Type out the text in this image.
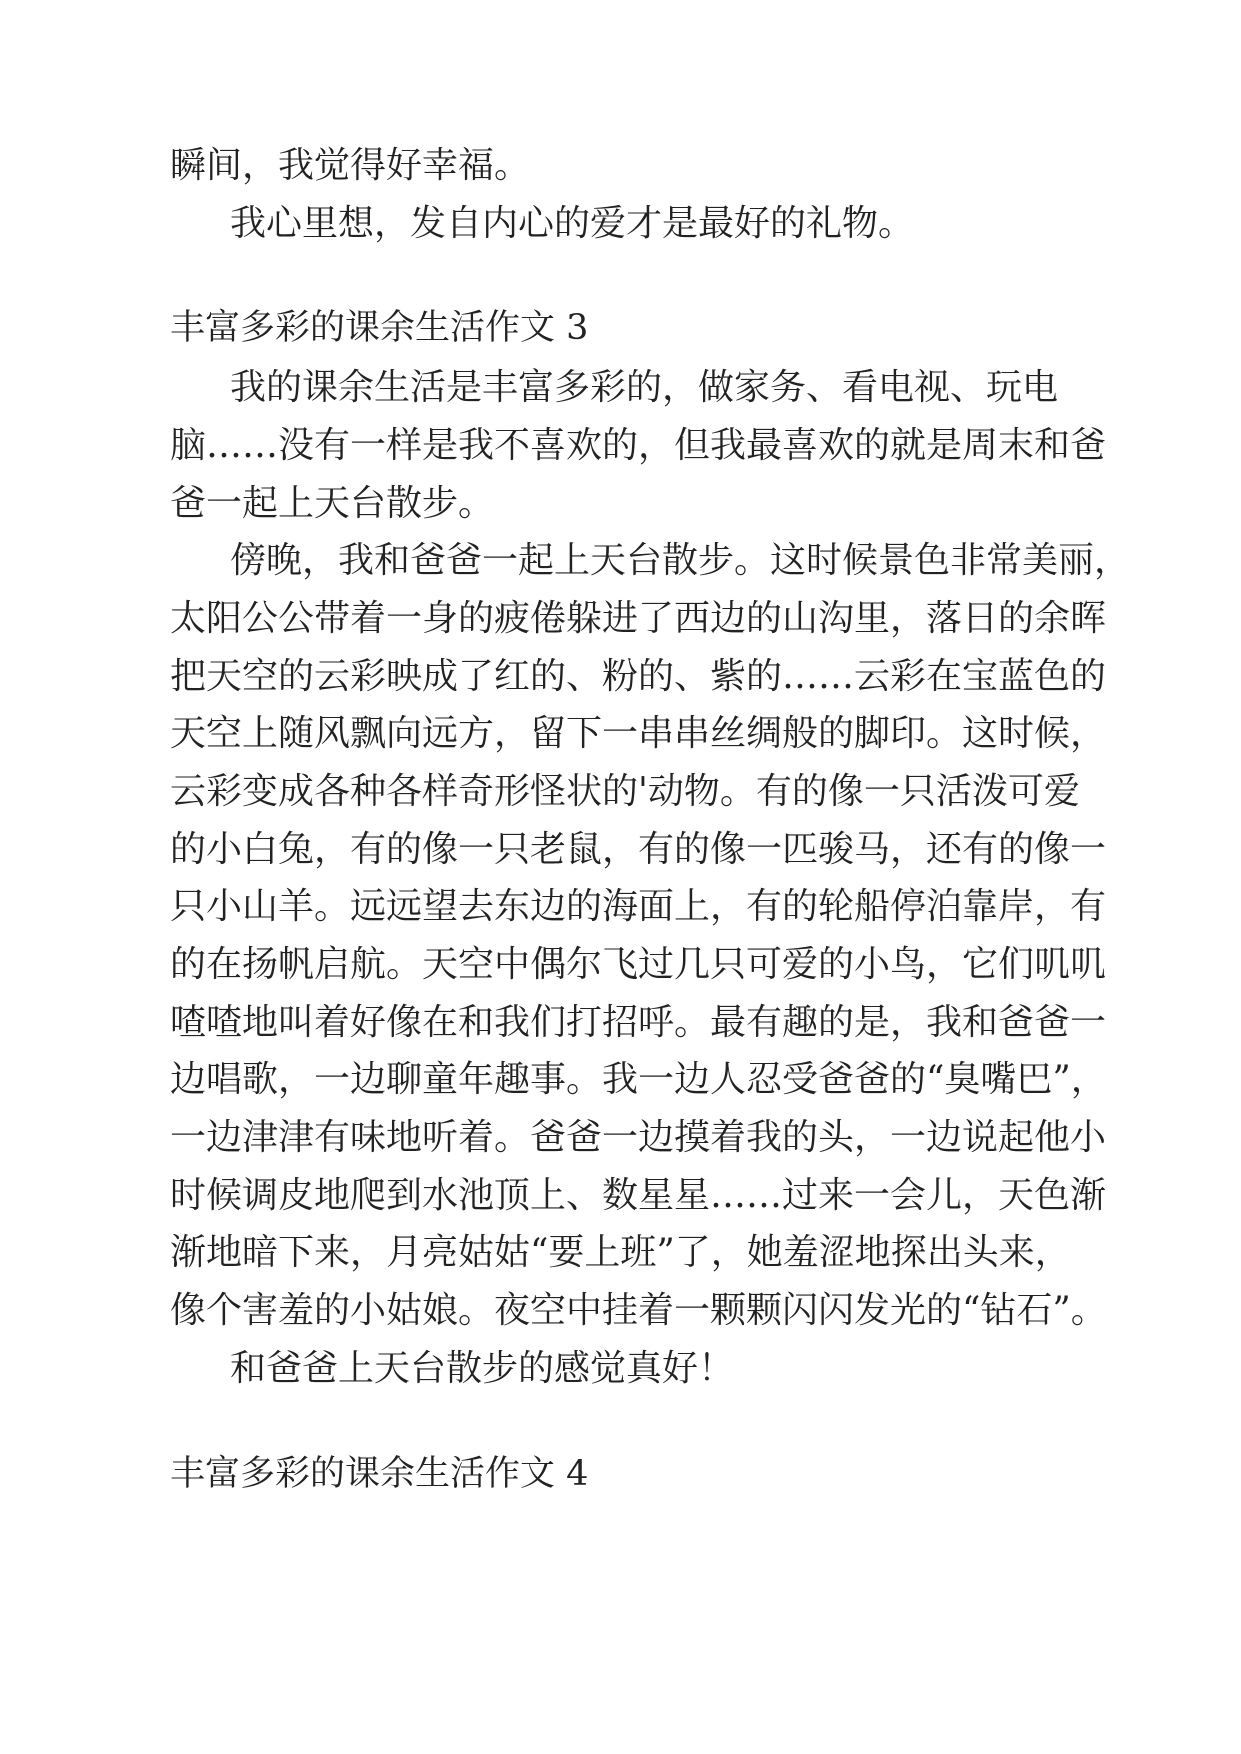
瞬间，我觉得好幸福。
我心里想，发自内心的爱才是最好的礼物。
丰富多彩的课余生活作文 3
我的课余生活是丰富多彩的，做家务、看电视、玩电
脑……没有一样是我不喜欢的，但我最喜欢的就是周末和爸
爸一起上天台散步。
傍晚，我和爸爸一起上天台散步。这时候景色非常美丽，
太阳公公带着一身的疲倦躲进了西边的山沟里，落日的余晖
把天空的云彩映成了红的、粉的、紫的……云彩在宝蓝色的
天空上随风飘向远方，留下一串串丝绸般的脚印。这时候，
云彩变成各种各样奇形怪状的'动物。有的像一只活泼可爱
的小白兔，有的像一只老鼠，有的像一匹骏马，还有的像一
只小山羊。远远望去东边的海面上，有的轮船停泊靠岸，有
的在扬帆启航。天空中偶尔飞过几只可爱的小鸟，它们叽叽
喳喳地叫着好像在和我们打招呼。最有趣的是，我和爸爸一
边唱歌，一边聊童年趣事。我一边人忍受爸爸的“臭嘴巴”，
一边津津有味地听着。爸爸一边摸着我的头，一边说起他小
时候调皮地爬到水池顶上、数星星……过来一会儿，天色渐
渐地暗下来，月亮姑姑“要上班”了，她羞涩地探出头来，
像个害羞的小姑娘。夜空中挂着一颗颗闪闪发光的“钻石”。
和爸爸上天台散步的感觉真好！
丰富多彩的课余生活作文 4
